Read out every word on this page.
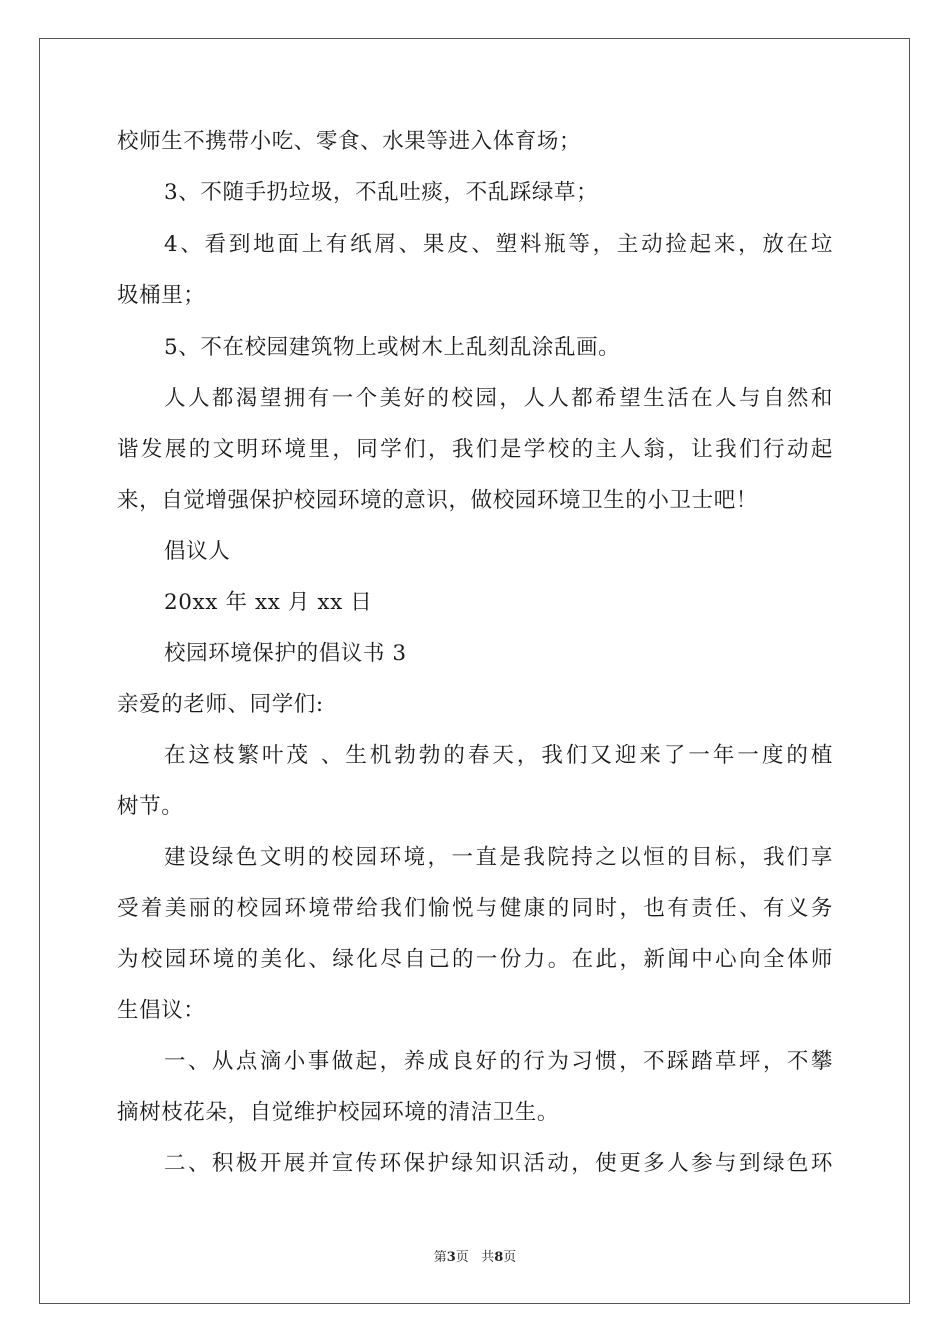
校师生不携带小吃、零食、水果等进入体育场；
3、不随手扔垃圾，不乱吐痰，不乱踩绿草；
4、看到地面上有纸屑、果皮、塑料瓶等，主动捡起来，放在垃
圾桶里；
5、不在校园建筑物上或树木上乱刻乱涂乱画。
人人都渴望拥有一个美好的校园，人人都希望生活在人与自然和
谐发展的文明环境里，同学们，我们是学校的主人翁，让我们行动起
来，自觉增强保护校园环境的意识，做校园环境卫生的小卫士吧！
倡议人
20xx 年 xx 月 xx 日
校园环境保护的倡议书 3
亲爱的老师、同学们:
在这枝繁叶茂 、生机勃勃的春天，我们又迎来了一年一度的植
树节。
建设绿色文明的校园环境，一直是我院持之以恒的目标，我们享
受着美丽的校园环境带给我们愉悦与健康的同时，也有责任、有义务
为校园环境的美化、绿化尽自己的一份力。在此，新闻中心向全体师
生倡议：
一、从点滴小事做起，养成良好的行为习惯，不踩踏草坪，不攀
摘树枝花朵，自觉维护校园环境的清洁卫生。
二、积极开展并宣传环保护绿知识活动，使更多人参与到绿色环
第3页   共8页
